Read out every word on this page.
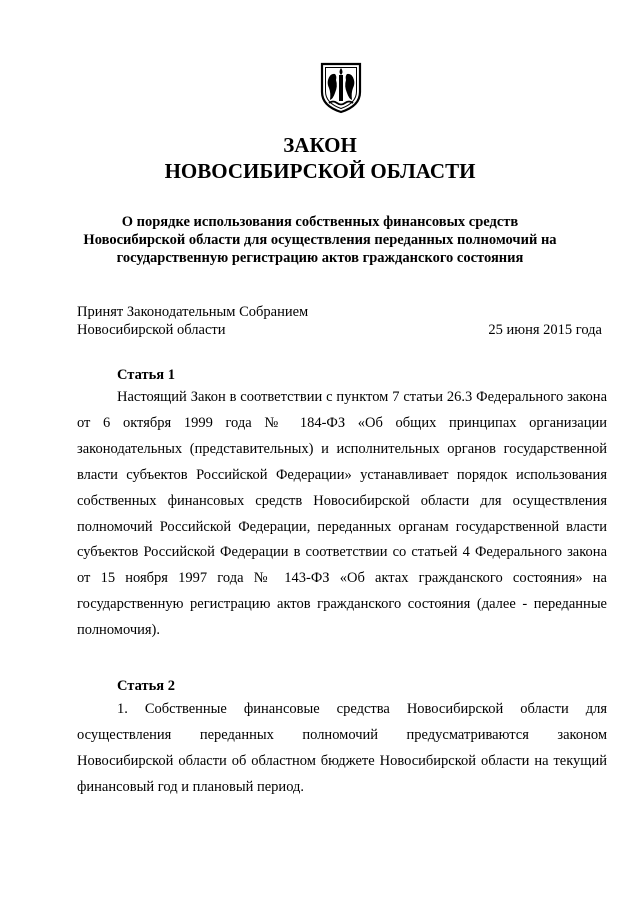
ЗАКОН
НОВОСИБИРСКОЙ ОБЛАСТИ
О порядке использования собственных финансовых средств Новосибирской области для осуществления переданных полномочий на государственную регистрацию актов гражданского состояния
Принят Законодательным Собранием
Новосибирской области	25 июня 2015 года
Статья 1
Настоящий Закон в соответствии с пунктом 7 статьи 26.3 Федерального закона от 6 октября 1999 года № 184-ФЗ «Об общих принципах организации законодательных (представительных) и исполнительных органов государственной власти субъектов Российской Федерации» устанавливает порядок использования собственных финансовых средств Новосибирской области для осуществления полномочий Российской Федерации, переданных органам государственной власти субъектов Российской Федерации в соответствии со статьей 4 Федерального закона от 15 ноября 1997 года № 143-ФЗ «Об актах гражданского состояния» на государственную регистрацию актов гражданского состояния (далее - переданные полномочия).
Статья 2
1. Собственные финансовые средства Новосибирской области для осуществления переданных полномочий предусматриваются законом Новосибирской области об областном бюджете Новосибирской области на текущий финансовый год и плановый период.
